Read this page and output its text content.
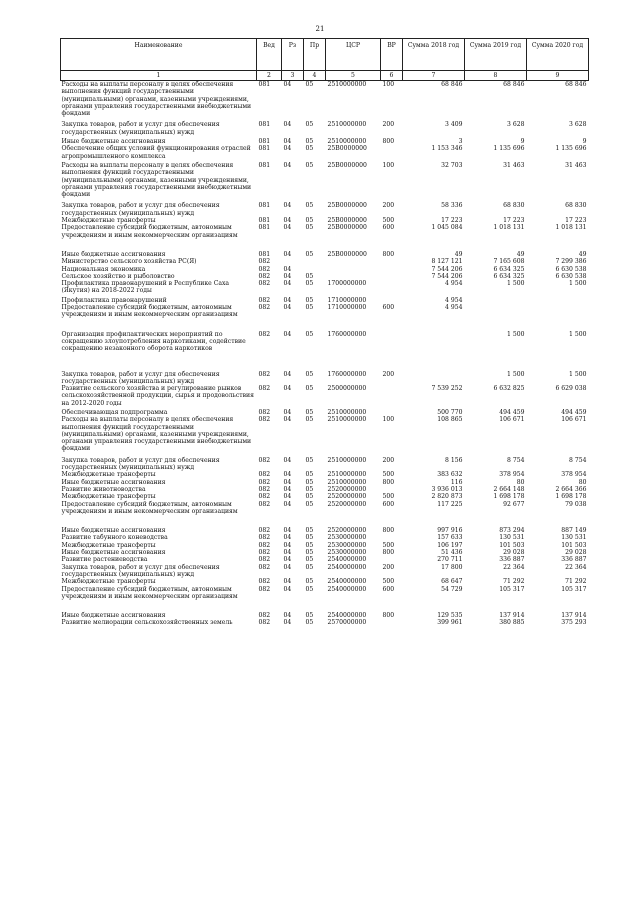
21
Наименование	Вед	Рз	Пр	ЦСР	ВР	Сумма 2018 год	Сумма 2019 год	Сумма 2020 год
1	2	3	4	5	6	7	8	9
Расходы на выплаты персоналу в целях обеспечения выполнения функций государственными (муниципальными) органами, казенными учреждениями, органами управления государственными внебюджетными фондами	081	04	05	2510000000	100	68 846	68 846	68 846
Закупка товаров, работ и услуг для обеспечения государственных (муниципальных) нужд	081	04	05	2510000000	200	3 409	3 628	3 628
Иные бюджетные ассигнования	081	04	05	2510000000	800	3	9	9
Обеспечение общих условий функционирования отраслей агропромышленного комплекса	081	04	05	25В0000000		1 153 346	1 135 696	1 135 696
Расходы на выплаты персоналу в целях обеспечения выполнения функций государственными (муниципальными) органами, казенными учреждениями, органами управления государственными внебюджетными фондами	081	04	05	25В0000000	100	32 703	31 463	31 463
Закупка товаров, работ и услуг для обеспечения государственных (муниципальных) нужд	081	04	05	25В0000000	200	58 336	68 830	68 830
Межбюджетные трансферты	081	04	05	25В0000000	500	17 223	17 223	17 223
Предоставление субсидий бюджетным, автономным учреждениям и иным некоммерческим организациям	081	04	05	25В0000000	600	1 045 084	1 018 131	1 018 131
Иные бюджетные ассигнования	081	04	05	25В0000000	800	49	49	49
Министерство сельского хозяйства РС(Я)	082					8 127 121	7 165 608	7 299 386
Национальная экономика	082	04				7 544 206	6 634 325	6 630 538
Сельское хозяйство и рыболовство	082	04	05			7 544 206	6 634 325	6 630 538
Профилактика правонарушений в Республике Саха (Якутия) на 2018-2022 годы	082	04	05	1700000000		4 954	1 500	1 500
Профилактика правонарушений	082	04	05	1710000000		4 954		
Предоставление субсидий бюджетным, автономным учреждениям и иным некоммерческим организациям	082	04	05	1710000000	600	4 954		
Организация профилактических мероприятий по сокращению злоупотребления наркотиками, содействие сокращению незаконного оборота наркотиков	082	04	05	1760000000			1 500	1 500
Закупка товаров, работ и услуг для обеспечения государственных (муниципальных) нужд	082	04	05	1760000000	200		1 500	1 500
Развитие сельского хозяйства и регулирование рынков сельскохозяйственной продукции, сырья и продовольствия на 2012-2020 годы	082	04	05	2500000000		7 539 252	6 632 825	6 629 038
Обеспечивающая подпрограмма	082	04	05	2510000000		500 770	494 459	494 459
Расходы на выплаты персоналу в целях обеспечения выполнения функций государственными (муниципальными) органами, казенными учреждениями, органами управления государственными внебюджетными фондами	082	04	05	2510000000	100	108 865	106 671	106 671
Закупка товаров, работ и услуг для обеспечения государственных (муниципальных) нужд	082	04	05	2510000000	200	8 156	8 754	8 754
Межбюджетные трансферты	082	04	05	2510000000	500	383 632	378 954	378 954
Иные бюджетные ассигнования	082	04	05	2510000000	800	116	80	80
Развитие животноводства	082	04	05	2520000000		3 936 013	2 664 148	2 664 366
Межбюджетные трансферты	082	04	05	2520000000	500	2 820 873	1 698 178	1 698 178
Предоставление субсидий бюджетным, автономным учреждениям и иным некоммерческим организациям	082	04	05	2520000000	600	117 225	92 677	79 038
Иные бюджетные ассигнования	082	04	05	2520000000	800	997 916	873 294	887 149
Развитие табунного коневодства	082	04	05	2530000000		157 633	130 531	130 531
Межбюджетные трансферты	082	04	05	2530000000	500	106 197	101 503	101 503
Иные бюджетные ассигнования	082	04	05	2530000000	800	51 436	29 028	29 028
Развитие растениеводства	082	04	05	2540000000		270 711	336 887	336 887
Закупка товаров, работ и услуг для обеспечения государственных (муниципальных) нужд	082	04	05	2540000000	200	17 800	22 364	22 364
Межбюджетные трансферты	082	04	05	2540000000	500	68 647	71 292	71 292
Предоставление субсидий бюджетным, автономным учреждениям и иным некоммерческим организациям	082	04	05	2540000000	600	54 729	105 317	105 317
Иные бюджетные ассигнования	082	04	05	2540000000	800	129 535	137 914	137 914
Развитие мелиорации сельскохозяйственных земель	082	04	05	2570000000		399 961	380 885	375 293
